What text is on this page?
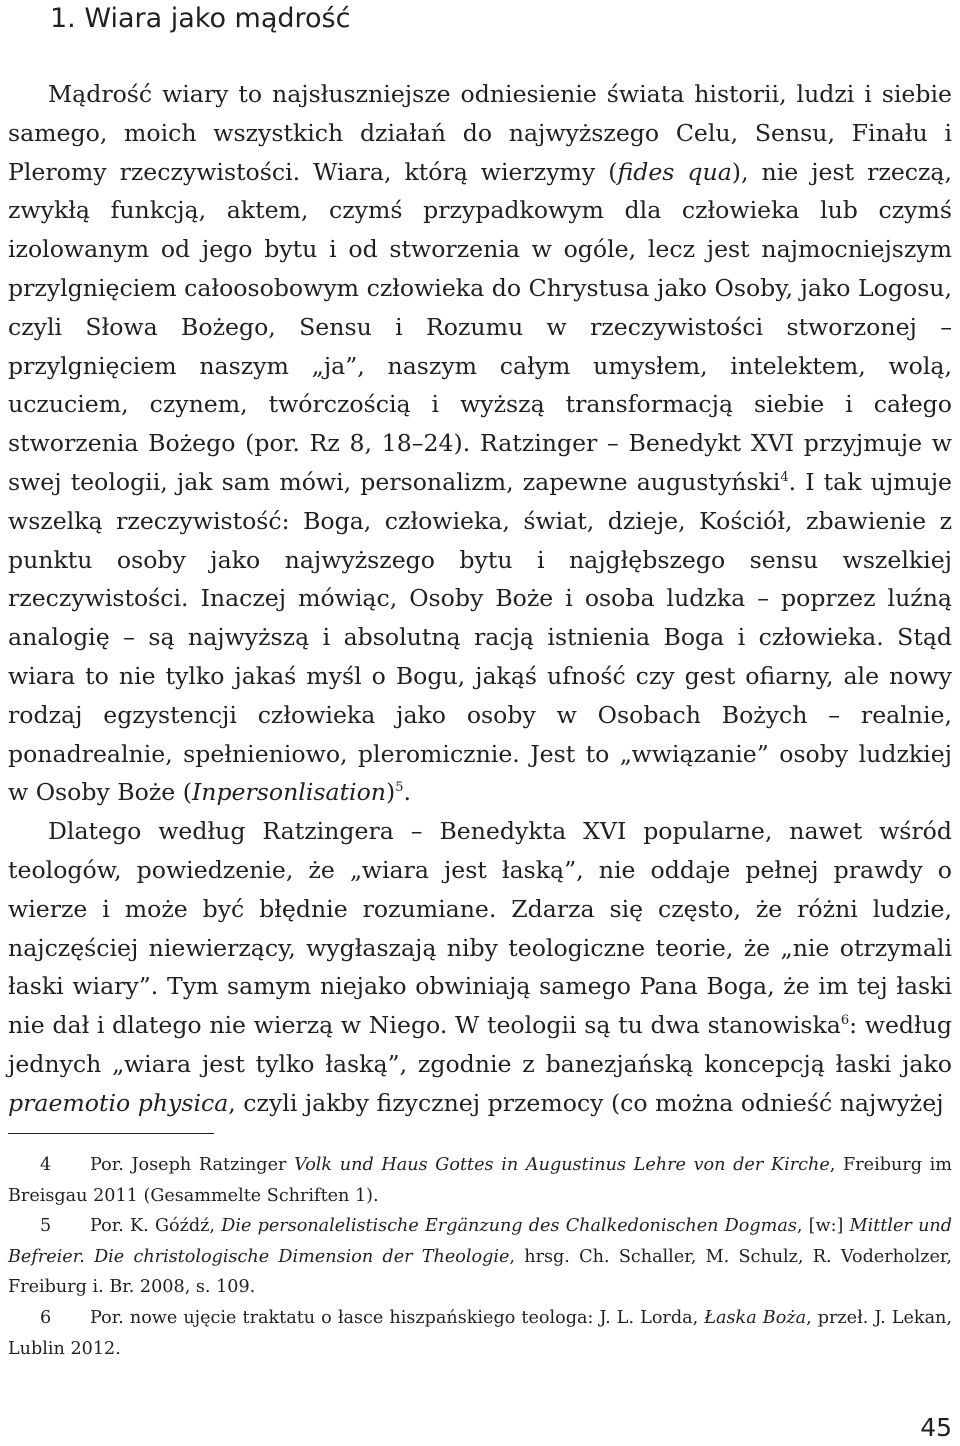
1. Wiara jako mądrość

Mądrość wiary to najsłuszniejsze odniesienie świata historii, ludzi i siebie samego, moich wszystkich działań do najwyższego Celu, Sensu, Finału i Pleromy rzeczywistości. Wiara, którą wierzymy (fides qua), nie jest rzeczą, zwykłą funkcją, aktem, czymś przypadkowym dla człowieka lub czymś izolowanym od jego bytu i od stworzenia w ogóle, lecz jest najmocniejszym przylgnięciem całoosobowym człowieka do Chrystusa jako Osoby, jako Logosu, czyli Słowa Bożego, Sensu i Rozumu w rzeczywistości stworzonej – przylgnięciem naszym „ja”, naszym całym umysłem, intelektem, wolą, uczuciem, czynem, twórczością i wyższą transformacją siebie i całego stworzenia Bożego (por. Rz 8, 18–24). Ratzinger – Benedykt XVI przyjmuje w swej teologii, jak sam mówi, personalizm, zapewne augustyński$^4$. I tak ujmuje wszelką rzeczywistość: Boga, człowieka, świat, dzieje, Kościół, zbawienie z punktu osoby jako najwyższego bytu i najgłębszego sensu wszelkiej rzeczywistości. Inaczej mówiąc, Osoby Boże i osoba ludzka – poprzez luźną analogię – są najwyższą i absolutną racją istnienia Boga i człowieka. Stąd wiara to nie tylko jakaś myśl o Bogu, jakąś ufność czy gest ofiarny, ale nowy rodzaj egzystencji człowieka jako osoby w Osobach Bożych – realnie, ponadrealnie, spełnieniowo, pleromicznie. Jest to „wwiązanie” osoby ludzkiej w Osoby Boże (Inpersonlisation)$^5$.

Dlatego według Ratzingera – Benedykta XVI popularne, nawet wśród teologów, powiedzenie, że „wiara jest łaską”, nie oddaje pełnej prawdy o wierze i może być błędnie rozumiane. Zdarza się często, że różni ludzie, najczęściej niewierzący, wygłaszają niby teologiczne teorie, że „nie otrzymali łaski wiary”. Tym samym niejako obwiniają samego Pana Boga, że im tej łaski nie dał i dlatego nie wierzą w Niego. W teologii są tu dwa stanowiska$^6$: według jednych „wiara jest tylko łaską”, zgodnie z banezjańską koncepcją łaski jako praemotio physica, czyli jakby fizycznej przemocy (co można odnieść najwyżej

4 Por. Joseph Ratzinger Volk und Haus Gottes in Augustinus Lehre von der Kirche, Freiburg im Breisgau 2011 (Gesammelte Schriften 1).

5 Por. K. Góźdź, Die personalelistische Ergänzung des Chalkedonischen Dogmas, [w:] Mittler und Befreier. Die christologische Dimension der Theologie, hrsg. Ch. Schaller, M. Schulz, R. Voderholzer, Freiburg i. Br. 2008, s. 109.

6 Por. nowe ujęcie traktatu o łasce hiszpańskiego teologa: J. L. Lorda, Łaska Boża, przeł. J. Lekan, Lublin 2012.

45
